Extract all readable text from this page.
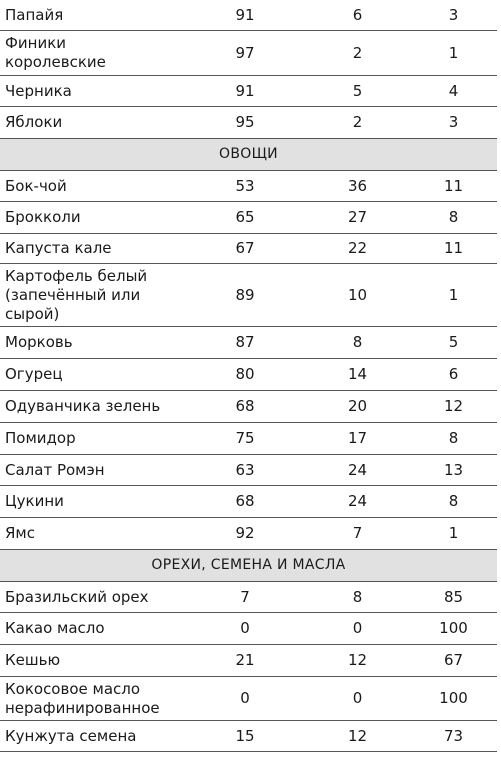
Папайя	91	6	3
Финики
королевские
97	2	1
Черника	91	5	4
Яблоки	95	2	3
ОВОЩИ
Бок-чой	53	36	11
Брокколи	65	27	8
Капуста кале	67	22	11
Картофель белый
(запечённый или
сырой)
89	10	1
Морковь	87	8	5
Огурец	80	14	6
Одуванчика зелень	68	20	12
Помидор	75	17	8
Салат Ромэн	63	24	13
Цукини	68	24	8
Ямс	92	7	1
ОРЕХИ, СЕМЕНА И МАСЛА
Бразильский орех	7	8	85
Какао масло	0	0	100
Кешью	21	12	67
Кокосовое масло
нерафинированное
0	0	100
Кунжута семена	15	12	73
